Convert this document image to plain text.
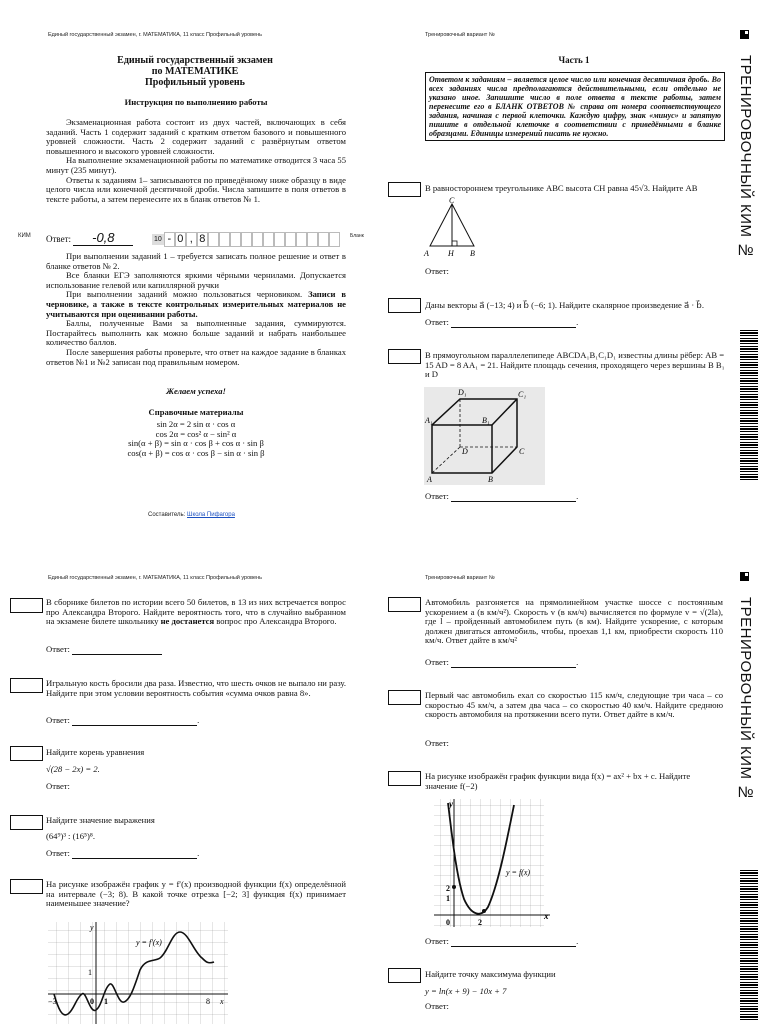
Единый государственный экзамен, г. МАТЕМАТИКА, 11 класс Профильный уровень
Единый государственный экзамен
по МАТЕМАТИКЕ
Профильный уровень
Инструкция по выполнению работы
Экзаменационная работа состоит из двух частей, включающих в себя заданий. Часть 1 содержит заданий с кратким ответом базового и повышенного уровней сложности. Часть 2 содержит заданий с развёрнутым ответом повышенного и высокого уровней сложности.
На выполнение экзаменационной работы по математике отводится 3 часа 55 минут (235 минут).
Ответы к заданиям 1– записываются по приведённому ниже образцу в виде целого числа или конечной десятичной дроби. Числа запишите в поля ответов в тексте работы, а затем перенесите их в бланк ответов № 1.
КИМ Ответ: -0,8	10 - 0 , 8	Бланк
При выполнении заданий 1 – требуется записать полное решение и ответ в бланке ответов № 2.
Все бланки ЕГЭ заполняются яркими чёрными чернилами. Допускается использование гелевой или капиллярной ручки
При выполнении заданий можно пользоваться черновиком. Записи в черновике, а также в тексте контрольных измерительных материалов не учитываются при оценивании работы.
Баллы, полученные Вами за выполненные задания, суммируются. Постарайтесь выполнить как можно больше заданий и набрать наибольшее количество баллов.
После завершения работы проверьте, что ответ на каждое задание в бланках ответов №1 и №2 записан под правильным номером.
Желаем успеха!
Справочные материалы
sin 2α = 2 sin α · cos α
cos 2α = cos² α − sin² α
sin(α + β) = sin α · cos β + cos α · sin β
cos(α + β) = cos α · cos β − sin α · sin β
Составитель: Школа Пифагора
Тренировочный вариант №
Часть 1
Ответом к заданиям – является целое число или конечная десятичная дробь. Во всех заданиях числа предполагаются действительными, если отдельно не указано иное. Запишите число в поле ответа в тексте работы, затем перенесите его в БЛАНК ОТВЕТОВ № справа от номера соответствующего задания, начиная с первой клеточки. Каждую цифру, знак «минус» и запятую пишите в отдельной клеточке в соответствии с приведёнными в бланке образцами. Единицы измерений писать не нужно.
В равностороннем треугольнике ABC высота CH равна 45√3. Найдите AB
C
A H B
Ответ:
Даны векторы a⃗ (−13; 4) и b⃗ (−6; 1). Найдите скалярное произведение a⃗ · b⃗.
Ответ:	.
В прямоугольном параллелепипеде ABCDA₁B₁C₁D₁ известны длины рёбер: AB = 15 AD = 8 AA₁ = 21. Найдите площадь сечения, проходящего через вершины B B₁ и D
D₁	C₁
A₁	B₁
D	C
A	B
Ответ:	.
Единый государственный экзамен, г. МАТЕМАТИКА, 11 класс Профильный уровень
В сборнике билетов по истории всего 50 билетов, в 13 из них встречается вопрос про Александра Второго. Найдите вероятность того, что в случайно выбранном на экзамене билете школьнику не достанется вопрос про Александра Второго.
Ответ:
Игральную кость бросили два раза. Известно, что шесть очков не выпало ни разу. Найдите при этом условии вероятность события «сумма очков равна 8».
Ответ:	.
Найдите корень уравнения
√(28 − 2x) = 2.
Ответ:
Найдите значение выражения
(64⁹)³ : (16⁵)⁸.
Ответ:	.
На рисунке изображён график y = f′(x) производной функции f(x) определённой на интервале (−3; 8). В какой точке отрезка [−2; 3] функция f(x) принимает наименьшее значение?
y
y = f′(x)
1
−3	0 1	8 x
Тренировочный вариант №
Автомобиль разгоняется на прямолинейном участке шоссе с постоянным ускорением a (в км/ч²). Скорость v (в км/ч) вычисляется по формуле v = √(2la), где l – пройденный автомобилем путь (в км). Найдите ускорение, с которым должен двигаться автомобиль, чтобы, проехав 1,1 км, приобрести скорость 110 км/ч. Ответ дайте в км/ч²
Ответ:	.
Первый час автомобиль ехал со скоростью 115 км/ч, следующие три часа – со скоростью 45 км/ч, а затем два часа – со скоростью 40 км/ч. Найдите среднюю скорость автомобиля на протяжении всего пути. Ответ дайте в км/ч.
Ответ:
На рисунке изображён график функции вида f(x) = ax² + bx + c. Найдите значение f(−2)
y
y = f(x)
2
1
0	2
x
Ответ:	.
Найдите точку максимума функции
y = ln(x + 9) − 10x + 7
Ответ:
ТРЕНИРОВОЧНЫЙ КИМ №
ТРЕНИРОВОЧНЫЙ КИМ №
